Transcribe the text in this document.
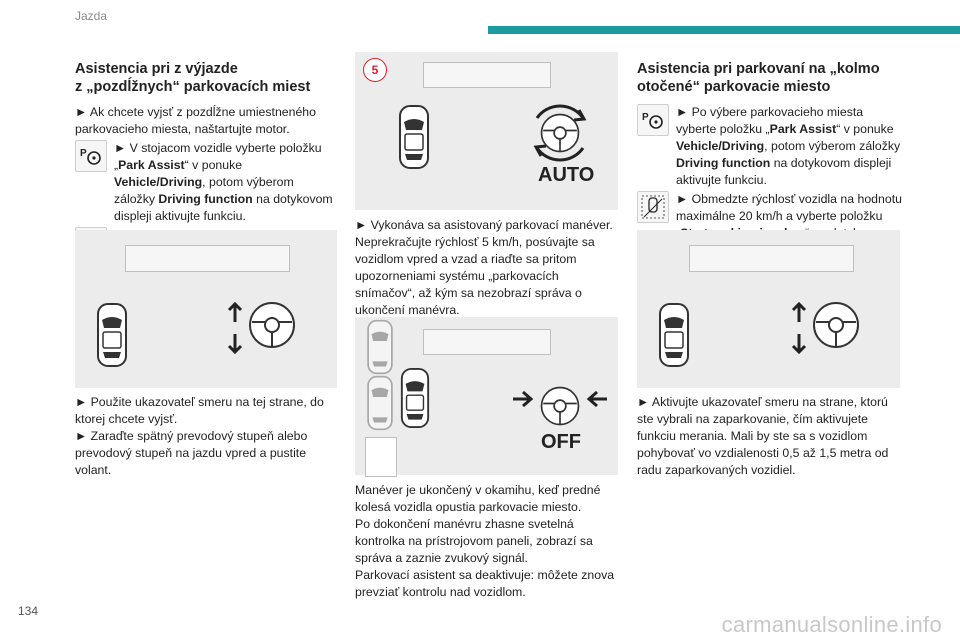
Jazda
134
carmanualsonline.info
Asistencia pri z výjazde
z „pozdĺžnych“ parkovacích miest

► Ak chcete vyjsť z pozdĺžne umiestneného parkovacieho miesta, naštartujte motor.

P ► V stojacom vozidle vyberte položku „Park Assist“ v ponuke Vehicle/Driving, potom výberom záložky Driving function na dotykovom displeji aktivujte funkciu.

► Použite ukazovateľ smeru na tej strane, do ktorej chcete vyjsť.

► Zaraďte spätný prevodový stupeň alebo prevodový stupeň na jazdu vpred a pustite volant.

5
AUTO

► Vykonáva sa asistovaný parkovací manéver. Neprekračujte rýchlosť 5 km/h, posúvajte sa vozidlom vpred a vzad a riaďte sa pritom upozorneniami systému „parkovacích snímačov“, až kým sa nezobrazí správa o ukončení manévra.

OFF

Manéver je ukončený v okamihu, keď predné kolesá vozidla opustia parkovacie miesto.

Po dokončení manévru zhasne svetelná kontrolka na prístrojovom paneli, zobrazí sa správa a zaznie zvukový signál.

Parkovací asistent sa deaktivuje: môžete znova prevziať kontrolu nad vozidlom.

Asistencia pri parkovaní na „kolmo
otočené“ parkovacie miesto
P ► Po výbere parkovacieho miesta vyberte položku „Park Assist“ v ponuke Vehicle/Driving, potom výberom záložky Driving function na dotykovom displeji aktivujte funkciu.

► Obmedzte rýchlosť vozidla na hodnotu maximálne 20 km/h a vyberte položku

► Aktivujte ukazovateľ smeru na strane, ktorú ste vybrali na zaparkovanie, čím aktivujete funkciu merania. Mali by ste sa s vozidlom pohybovať vo vzdialenosti 0,5 až 1,5 metra od radu zaparkovaných vozidiel.
